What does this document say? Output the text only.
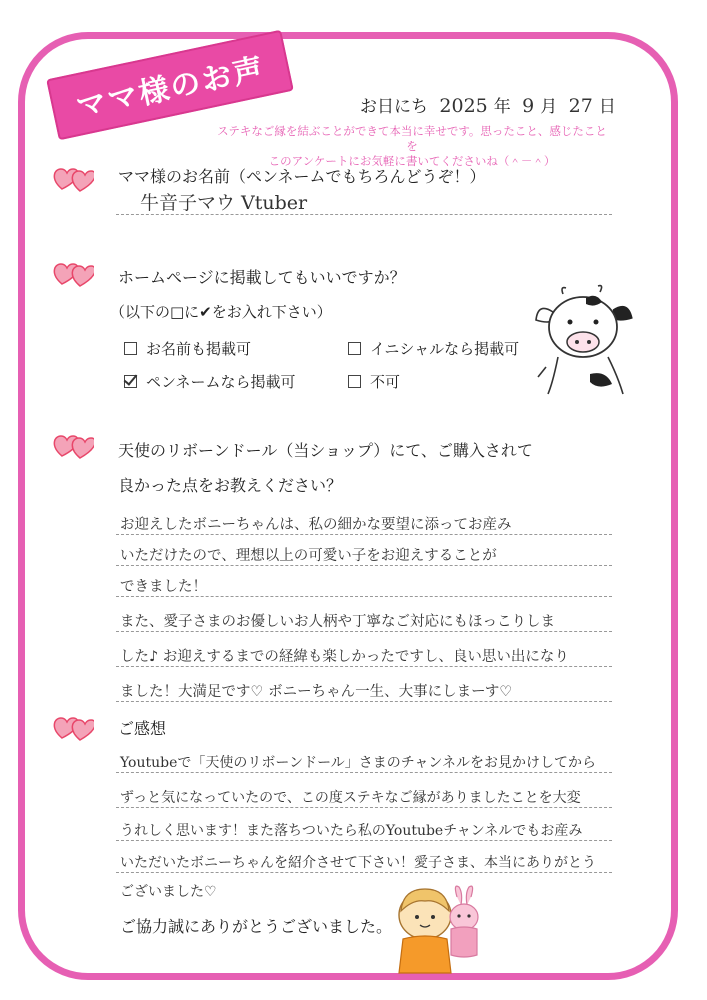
ママ様のお声	お日にち 2025 年 9 月 27 日
ステキなご縁を結ぶことができて本当に幸せです。思ったこと、感じたことを
このアンケートにお気軽に書いてくださいね（＾－＾）
ママ様のお名前（ペンネームでもちろんどうぞ！）
牛音子マウ Vtuber
ホームページに掲載してもいいですか？
（以下の□に✔をお入れ下さい）
お名前も掲載可	イニシャルなら掲載可
ペンネームなら掲載可	不可
天使のリボーンドール（当ショップ）にて、ご購入されて
良かった点をお教えください？
お迎えしたボニーちゃんは、私の細かな要望に添ってお産み
いただけたので、理想以上の可愛い子をお迎えすることが
できました！
また、愛子さまのお優しいお人柄や丁寧なご対応にもほっこりしま
した♪ お迎えするまでの経緯も楽しかったですし、良い思い出になり
ました！大満足です♡ ボニーちゃん一生、大事にしまーす♡
ご感想
Youtubeで「天使のリボーンドール」さまのチャンネルをお見かけしてから
ずっと気になっていたので、この度ステキなご縁がありましたことを大変
うれしく思います！また落ちついたら私のYoutubeチャンネルでもお産み
いただいたボニーちゃんを紹介させて下さい！愛子さま、本当にありがとう
ございました♡
ご協力誠にありがとうございました。
